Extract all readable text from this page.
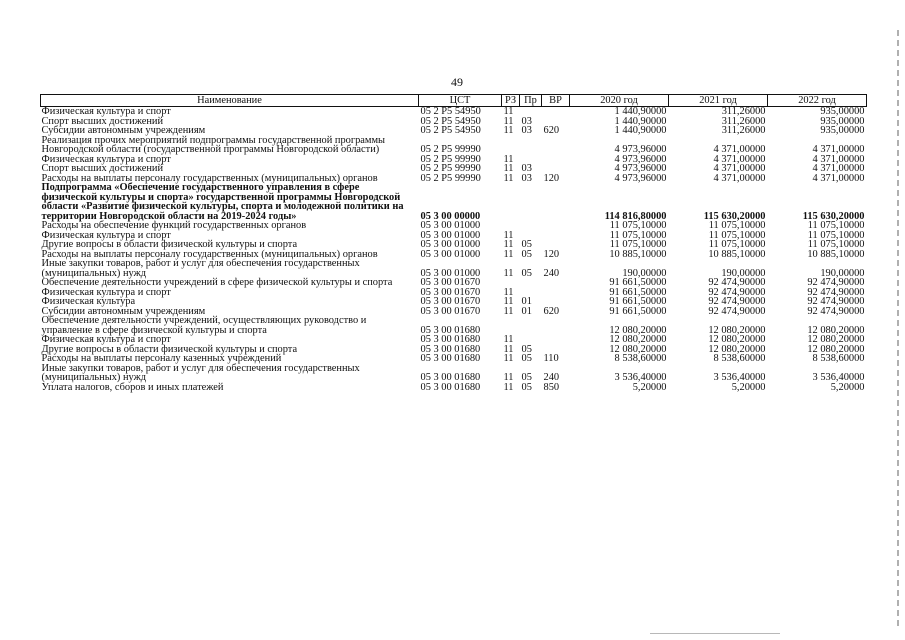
49
Наименование	ЦСТ	РЗ	Пр	ВР	2020 год	2021 год	2022 год
Физическая культура и спорт	05 2 P5 54950	11			1 440,90000	311,26000	935,00000
Спорт высших достижений	05 2 P5 54950	11	03		1 440,90000	311,26000	935,00000
Субсидии автономным учреждениям	05 2 P5 54950	11	03	620	1 440,90000	311,26000	935,00000
Реализация прочих мероприятий подпрограммы государственной программы Новгородской области (государственной программы Новгородской области)	05 2 P5 99990				4 973,96000	4 371,00000	4 371,00000
Физическая культура и спорт	05 2 P5 99990	11			4 973,96000	4 371,00000	4 371,00000
Спорт высших достижений	05 2 P5 99990	11	03		4 973,96000	4 371,00000	4 371,00000
Расходы на выплаты персоналу государственных (муниципальных) органов	05 2 P5 99990	11	03	120	4 973,96000	4 371,00000	4 371,00000
Подпрограмма «Обеспечение государственного управления в сфере физической культуры и спорта» государственной программы Новгородской области «Развитие физической культуры, спорта и молодежной политики на территории Новгородской области на 2019-2024 годы»	05 3 00 00000				114 816,80000	115 630,20000	115 630,20000
Расходы на обеспечение функций государственных органов	05 3 00 01000				11 075,10000	11 075,10000	11 075,10000
Физическая культура и спорт	05 3 00 01000	11			11 075,10000	11 075,10000	11 075,10000
Другие вопросы в области физической культуры и спорта	05 3 00 01000	11	05		11 075,10000	11 075,10000	11 075,10000
Расходы на выплаты персоналу государственных (муниципальных) органов	05 3 00 01000	11	05	120	10 885,10000	10 885,10000	10 885,10000
Иные закупки товаров, работ и услуг для обеспечения государственных (муниципальных) нужд	05 3 00 01000	11	05	240	190,00000	190,00000	190,00000
Обеспечение деятельности учреждений в сфере физической культуры и спорта	05 3 00 01670				91 661,50000	92 474,90000	92 474,90000
Физическая культура и спорт	05 3 00 01670	11			91 661,50000	92 474,90000	92 474,90000
Физическая культура	05 3 00 01670	11	01		91 661,50000	92 474,90000	92 474,90000
Субсидии автономным учреждениям	05 3 00 01670	11	01	620	91 661,50000	92 474,90000	92 474,90000
Обеспечение деятельности учреждений, осуществляющих руководство и управление в сфере физической культуры и спорта	05 3 00 01680				12 080,20000	12 080,20000	12 080,20000
Физическая культура и спорт	05 3 00 01680	11			12 080,20000	12 080,20000	12 080,20000
Другие вопросы в области физической культуры и спорта	05 3 00 01680	11	05		12 080,20000	12 080,20000	12 080,20000
Расходы на выплаты персоналу казенных учреждений	05 3 00 01680	11	05	110	8 538,60000	8 538,60000	8 538,60000
Иные закупки товаров, работ и услуг для обеспечения государственных (муниципальных) нужд	05 3 00 01680	11	05	240	3 536,40000	3 536,40000	3 536,40000
Уплата налогов, сборов и иных платежей	05 3 00 01680	11	05	850	5,20000	5,20000	5,20000
